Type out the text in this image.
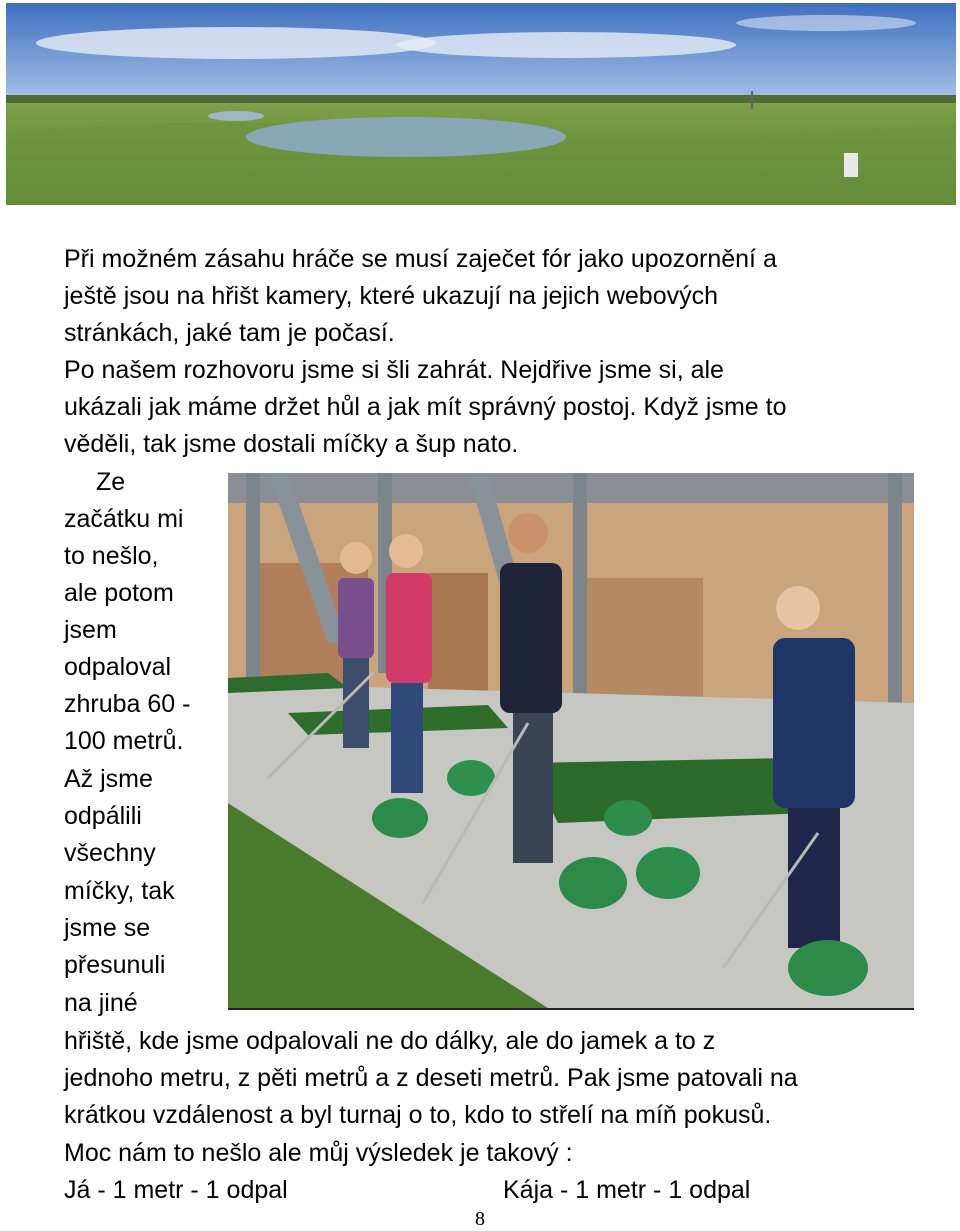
Při možném zásahu hráče se musí zaječet fór jako upozornění a
ještě jsou na hřišt kamery, které ukazují na jejich webových
stránkách, jaké tam je počasí.
Po našem rozhovoru jsme si šli zahrát. Nejdřive jsme si, ale
ukázali jak máme držet hůl a jak mít správný postoj. Když jsme to
věděli, tak jsme dostali míčky a šup nato.
Ze
začátku mi
to nešlo,
ale potom
jsem
odpaloval
zhruba 60 -
100 metrů.
Až jsme
odpálili
všechny
míčky, tak
jsme se
přesunuli
na jiné
hřiště, kde jsme odpalovali ne do dálky, ale do jamek a to z
jednoho metru, z pěti metrů a z deseti metrů. Pak jsme patovali na
krátkou vzdálenost a byl turnaj o to, kdo to střelí na míň pokusů.
Moc nám to nešlo ale můj výsledek je takový :
Já - 1 metr - 1 odpal	Kája - 1 metr - 1 odpal
8
